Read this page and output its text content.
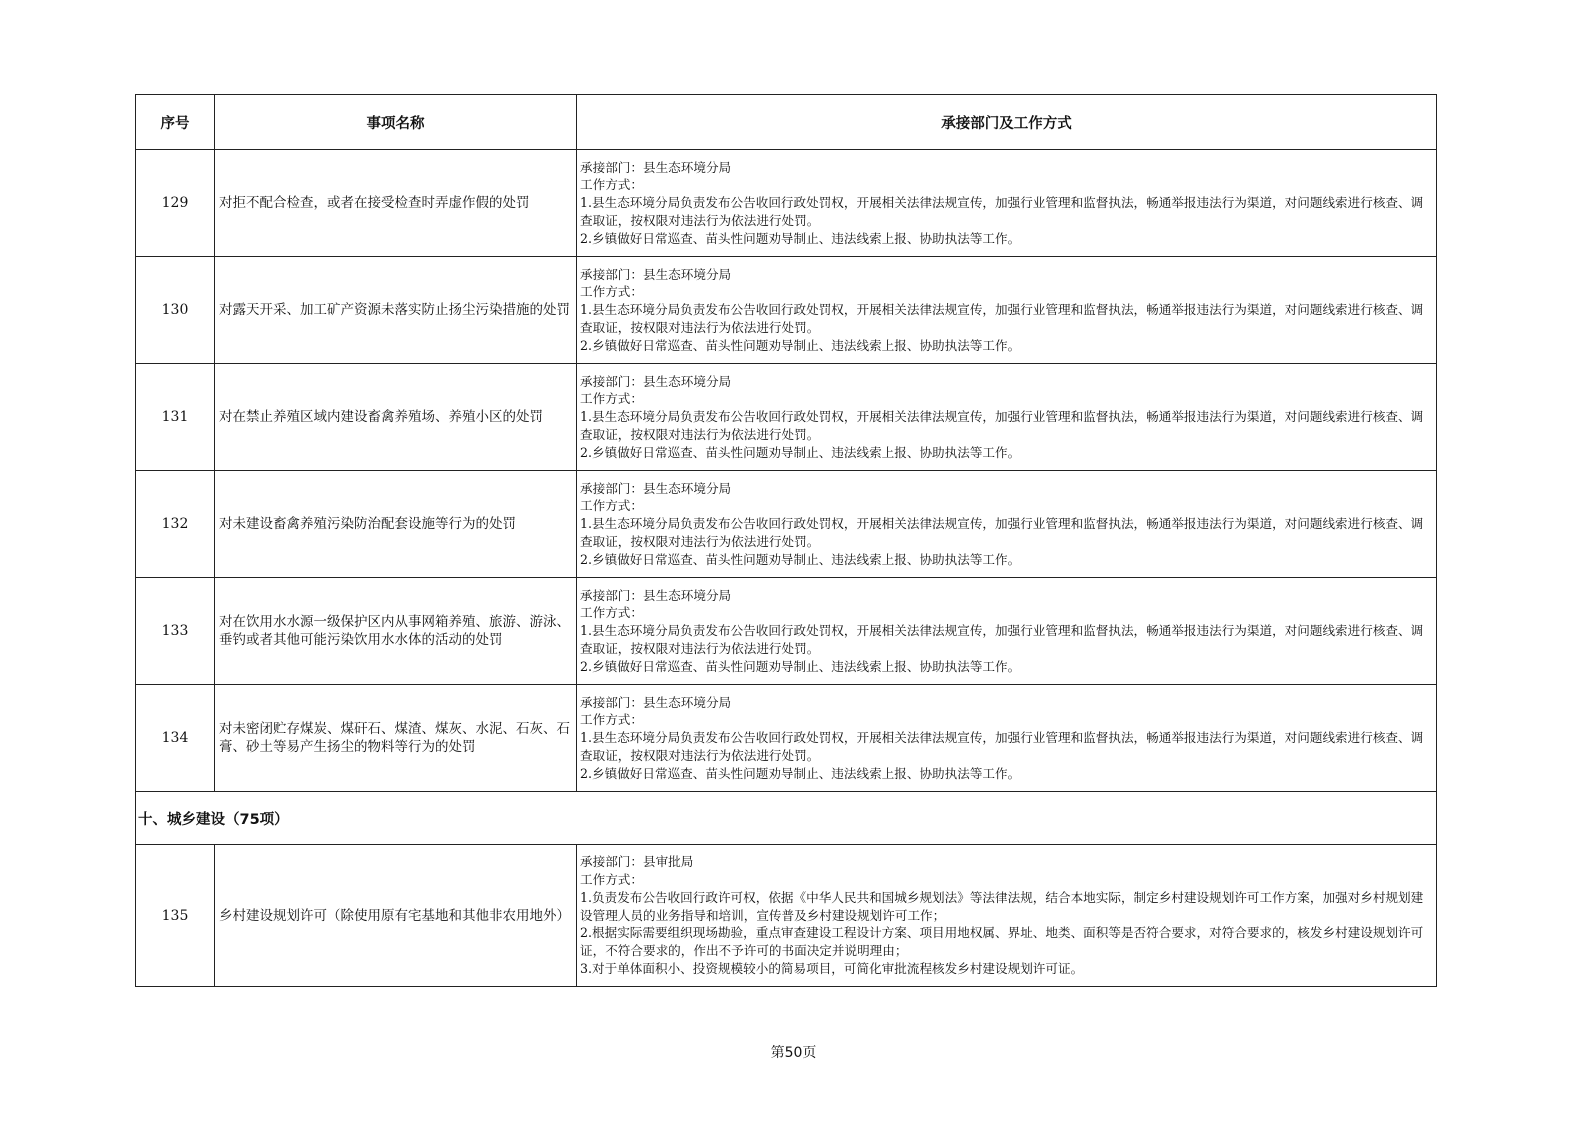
序号	事项名称	承接部门及工作方式
129	对拒不配合检查，或者在接受检查时弄虚作假的处罚	承接部门：县生态环境分局
工作方式：
1.县生态环境分局负责发布公告收回行政处罚权，开展相关法律法规宣传，加强行业管理和监督执法，畅通举报违法行为渠道，对问题线索进行核查、调查取证，按权限对违法行为依法进行处罚。
2.乡镇做好日常巡查、苗头性问题劝导制止、违法线索上报、协助执法等工作。

130	对露天开采、加工矿产资源未落实防止扬尘污染措施的处罚	承接部门：县生态环境分局
工作方式：
1.县生态环境分局负责发布公告收回行政处罚权，开展相关法律法规宣传，加强行业管理和监督执法，畅通举报违法行为渠道，对问题线索进行核查、调查取证，按权限对违法行为依法进行处罚。
2.乡镇做好日常巡查、苗头性问题劝导制止、违法线索上报、协助执法等工作。

131	对在禁止养殖区域内建设畜禽养殖场、养殖小区的处罚	承接部门：县生态环境分局
工作方式：
1.县生态环境分局负责发布公告收回行政处罚权，开展相关法律法规宣传，加强行业管理和监督执法，畅通举报违法行为渠道，对问题线索进行核查、调查取证，按权限对违法行为依法进行处罚。
2.乡镇做好日常巡查、苗头性问题劝导制止、违法线索上报、协助执法等工作。

132	对未建设畜禽养殖污染防治配套设施等行为的处罚	承接部门：县生态环境分局
工作方式：
1.县生态环境分局负责发布公告收回行政处罚权，开展相关法律法规宣传，加强行业管理和监督执法，畅通举报违法行为渠道，对问题线索进行核查、调查取证，按权限对违法行为依法进行处罚。
2.乡镇做好日常巡查、苗头性问题劝导制止、违法线索上报、协助执法等工作。

133	对在饮用水水源一级保护区内从事网箱养殖、旅游、游泳、垂钓或者其他可能污染饮用水水体的活动的处罚	承接部门：县生态环境分局
工作方式：
1.县生态环境分局负责发布公告收回行政处罚权，开展相关法律法规宣传，加强行业管理和监督执法，畅通举报违法行为渠道，对问题线索进行核查、调查取证，按权限对违法行为依法进行处罚。
2.乡镇做好日常巡查、苗头性问题劝导制止、违法线索上报、协助执法等工作。

134	对未密闭贮存煤炭、煤矸石、煤渣、煤灰、水泥、石灰、石膏、砂土等易产生扬尘的物料等行为的处罚	承接部门：县生态环境分局
工作方式：
1.县生态环境分局负责发布公告收回行政处罚权，开展相关法律法规宣传，加强行业管理和监督执法，畅通举报违法行为渠道，对问题线索进行核查、调查取证，按权限对违法行为依法进行处罚。
2.乡镇做好日常巡查、苗头性问题劝导制止、违法线索上报、协助执法等工作。

十、城乡建设（75项）		
135	乡村建设规划许可（除使用原有宅基地和其他非农用地外）	承接部门：县审批局
工作方式：
1.负责发布公告收回行政许可权，依据《中华人民共和国城乡规划法》等法律法规，结合本地实际，制定乡村建设规划许可工作方案，加强对乡村规划建设管理人员的业务指导和培训，宣传普及乡村建设规划许可工作；
2.根据实际需要组织现场勘验，重点审查建设工程设计方案、项目用地权属、界址、地类、面积等是否符合要求，对符合要求的，核发乡村建设规划许可证，不符合要求的，作出不予许可的书面决定并说明理由；
3.对于单体面积小、投资规模较小的简易项目，可简化审批流程核发乡村建设规划许可证。
第50页
